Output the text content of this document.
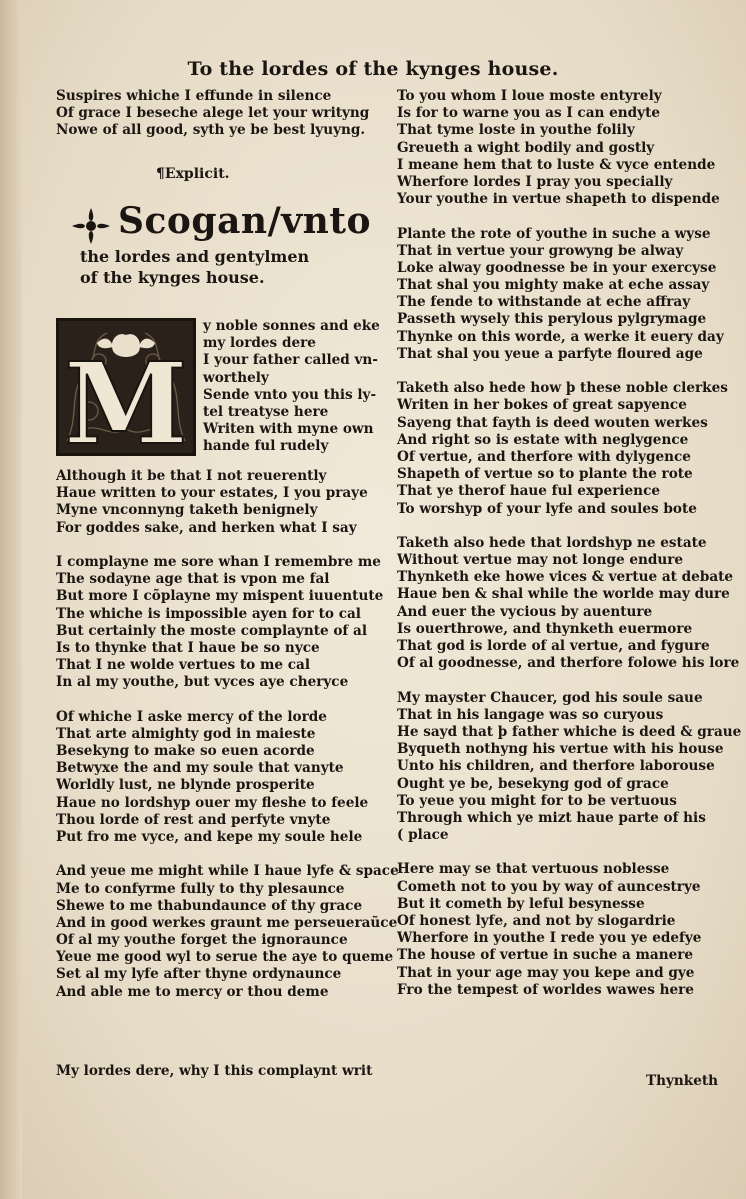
To the lordes of the kynges house.
Suspires whiche I effunde in silence
Of grace I beseche alege let your writyng
Nowe of all good, syth ye be best lyuyng.
¶Explicit.
Scogan/vnto
the lordes and gentylmen
of the kynges house.
M
y noble sonnes and eke
my lordes dere
I your father called vn-
worthely
Sende vnto you this ly-
tel treatyse here
Writen with myne own
hande ful rudely
Although it be that I not reuerently
Haue written to your estates, I you praye
Myne vnconnyng taketh benignely
For goddes sake, and herken what I say
I complayne me sore whan I remembre me
The sodayne age that is vpon me fal
But more I cõplayne my mispent iuuentute
The whiche is impossible ayen for to cal
But certainly the moste complaynte of al
Is to thynke that I haue be so nyce
That I ne wolde vertues to me cal
In al my youthe, but vyces aye cheryce
Of whiche I aske mercy of the lorde
That arte almighty god in maieste
Besekyng to make so euen acorde
Betwyxe the and my soule that vanyte
Worldly lust, ne blynde prosperite
Haue no lordshyp ouer my fleshe to feele
Thou lorde of rest and perfyte vnyte
Put fro me vyce, and kepe my soule hele
And yeue me might while I haue lyfe & space
Me to confyrme fully to thy plesaunce
Shewe to me thabundaunce of thy grace
And in good werkes graunt me perseueraũce
Of al my youthe forget the ignoraunce
Yeue me good wyl to serue the aye to queme
Set al my lyfe after thyne ordynaunce
And able me to mercy or thou deme
My lordes dere, why I this complaynt writ
To you whom I loue moste entyrely
Is for to warne you as I can endyte
That tyme loste in youthe folily
Greueth a wight bodily and gostly
I meane hem that to luste & vyce entende
Wherfore lordes I pray you specially
Your youthe in vertue shapeth to dispende
Plante the rote of youthe in suche a wyse
That in vertue your growyng be alway
Loke alway goodnesse be in your exercyse
That shal you mighty make at eche assay
The fende to withstande at eche affray
Passeth wysely this perylous pylgrymage
Thynke on this worde, a werke it euery day
That shal you yeue a parfyte floured age
Taketh also hede how þ these noble clerkes
Writen in her bokes of great sapyence
Sayeng that fayth is deed wouten werkes
And right so is estate with neglygence
Of vertue, and therfore with dylygence
Shapeth of vertue so to plante the rote
That ye therof haue ful experience
To worshyp of your lyfe and soules bote
Taketh also hede that lordshyp ne estate
Without vertue may not longe endure
Thynketh eke howe vices & vertue at debate
Haue ben & shal while the worlde may dure
And euer the vycious by auenture
Is ouerthrowe, and thynketh euermore
That god is lorde of al vertue, and fygure
Of al goodnesse, and therfore folowe his lore
My mayster Chaucer, god his soule saue
That in his langage was so curyous
He sayd that þ father whiche is deed & graue
Byqueth nothyng his vertue with his house
Unto his children, and therfore laborouse
Ought ye be, besekyng god of grace
To yeue you might for to be vertuous
Through which ye mizt haue parte of his
( place
Here may se that vertuous noblesse
Cometh not to you by way of auncestrye
But it cometh by leful besynesse
Of honest lyfe, and not by slogardrie
Wherfore in youthe I rede you ye edefye
The house of vertue in suche a manere
That in your age may you kepe and gye
Fro the tempest of worldes wawes here
Thynketh
